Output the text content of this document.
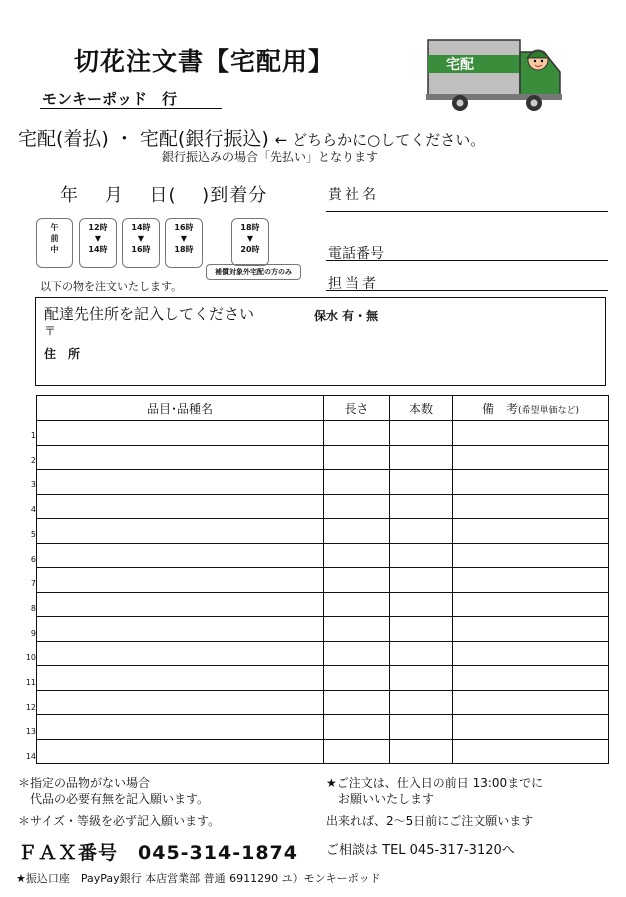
切花注文書【宅配用】
モンキーポッド　行
宅配
宅配(着払) ・ 宅配(銀行振込) ← どちらかに○してください。
銀行振込みの場合「先払い」となります
年　 月　 日(　 )到着分	貴社名
電話番号
担当者
午
前
中
12時
▼
14時
14時
▼
16時
16時
▼
18時
18時
▼
20時
補償対象外宅配の方のみ
以下の物を注文いたします。
配達先住所を記入してください	保水 有・無
〒
住　所
品目･品種名	長さ	本数	備　考(希望単価など)

1
2
3
4
5
6
7
8
9
10
11
12
13
14
＊指定の品物がない場合
　代品の必要有無を記入願います。
★ご注文は、仕入日の前日 13:00までに
　お願いいたします
＊サイズ・等級を必ず記入願います。	出来れば、2～5日前にご注文願います
ＦＡＸ番号　045-314-1874 ご相談は TEL 045-317-3120へ
★振込口座　PayPay銀行 本店営業部 普通 6911290 ユ）モンキーポッド
